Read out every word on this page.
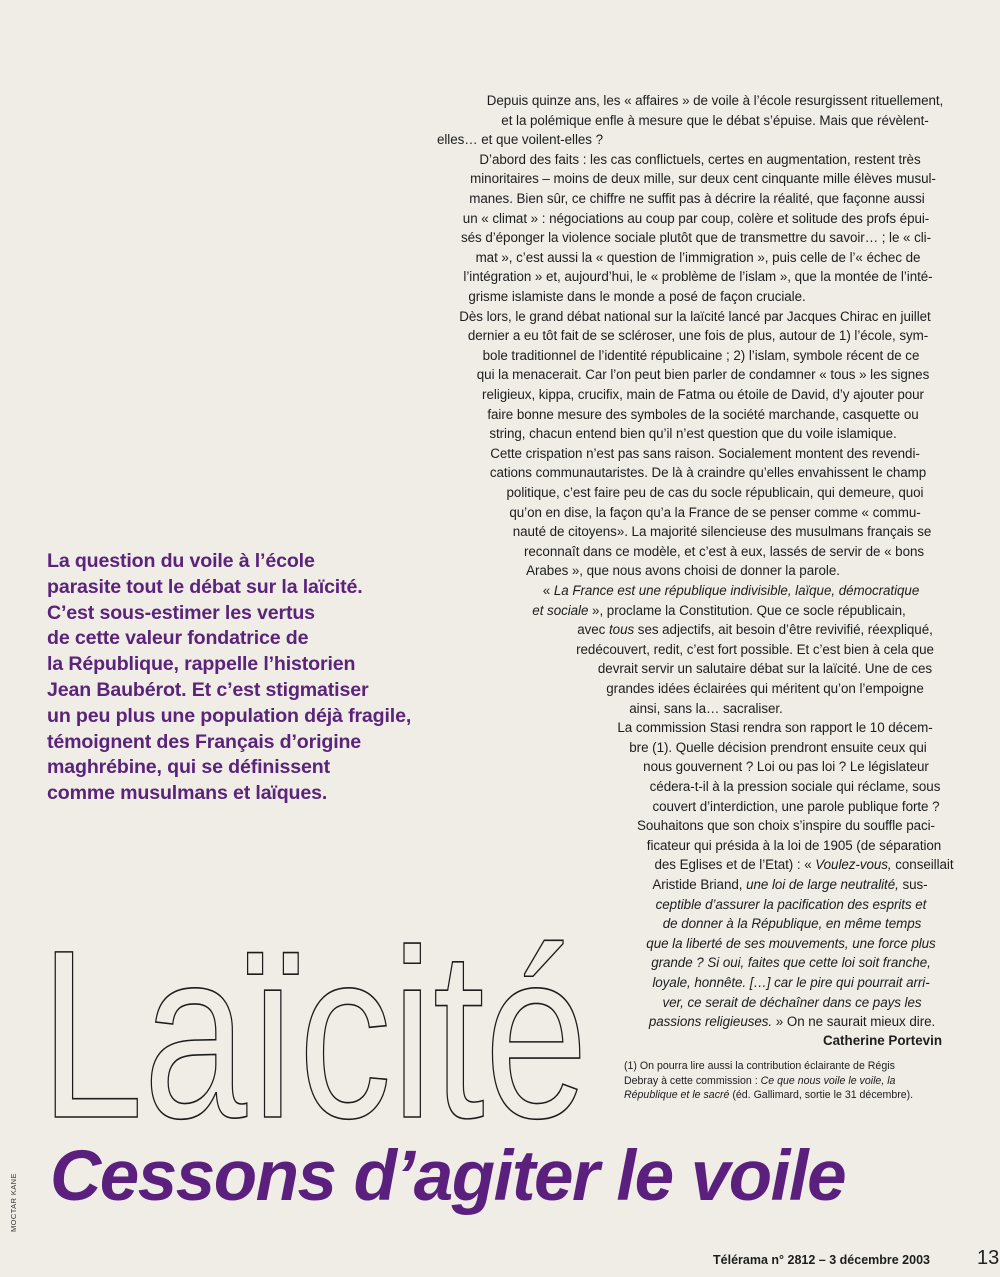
Depuis quinze ans, les « affaires » de voile à l’école resurgissent rituellement,
et la polémique enfle à mesure que le débat s’épuise. Mais que révèlent-
elles… et que voilent-elles ?
D’abord des faits : les cas conflictuels, certes en augmentation, restent très
minoritaires – moins de deux mille, sur deux cent cinquante mille élèves musul-
manes. Bien sûr, ce chiffre ne suffit pas à décrire la réalité, que façonne aussi
un « climat » : négociations au coup par coup, colère et solitude des profs épui-
sés d’éponger la violence sociale plutôt que de transmettre du savoir… ; le « cli-
mat », c’est aussi la « question de l’immigration », puis celle de l’« échec de
l’intégration » et, aujourd’hui, le « problème de l’islam », que la montée de l’inté-
grisme islamiste dans le monde a posé de façon cruciale.
Dès lors, le grand débat national sur la laïcité lancé par Jacques Chirac en juillet
dernier a eu tôt fait de se scléroser, une fois de plus, autour de 1) l’école, sym-
bole traditionnel de l’identité républicaine ; 2) l’islam, symbole récent de ce
qui la menacerait. Car l’on peut bien parler de condamner « tous » les signes
religieux, kippa, crucifix, main de Fatma ou étoile de David, d’y ajouter pour
faire bonne mesure des symboles de la société marchande, casquette ou
string, chacun entend bien qu’il n’est question que du voile islamique.
Cette crispation n’est pas sans raison. Socialement montent des revendi-
cations communautaristes. De là à craindre qu’elles envahissent le champ
politique, c’est faire peu de cas du socle républicain, qui demeure, quoi
qu’on en dise, la façon qu’a la France de se penser comme « commu-
nauté de citoyens». La majorité silencieuse des musulmans français se
reconnaît dans ce modèle, et c’est à eux, lassés de servir de « bons
Arabes », que nous avons choisi de donner la parole.
« La France est une république indivisible, laïque, démocratique
et sociale », proclame la Constitution. Que ce socle républicain,
avec tous ses adjectifs, ait besoin d’être revivifié, réexpliqué,
redécouvert, redit, c’est fort possible. Et c’est bien à cela que
devrait servir un salutaire débat sur la laïcité. Une de ces
grandes idées éclairées qui méritent qu’on l’empoigne
ainsi, sans la… sacraliser.
La commission Stasi rendra son rapport le 10 décem-
bre (1). Quelle décision prendront ensuite ceux qui
nous gouvernent ? Loi ou pas loi ? Le législateur
cédera-t-il à la pression sociale qui réclame, sous
couvert d’interdiction, une parole publique forte ?
Souhaitons que son choix s’inspire du souffle paci-
ficateur qui présida à la loi de 1905 (de séparation
des Eglises et de l’Etat) : « Voulez-vous, conseillait
Aristide Briand, une loi de large neutralité, sus-
ceptible d’assurer la pacification des esprits et
de donner à la République, en même temps
que la liberté de ses mouvements, une force plus
grande ? Si oui, faites que cette loi soit franche,
loyale, honnête. […] car le pire qui pourrait arri-
ver, ce serait de déchaîner dans ce pays les
passions religieuses. » On ne saurait mieux dire.
Catherine Portevin
(1) On pourra lire aussi la contribution éclairante de Régis
Debray à cette commission : Ce que nous voile le voile, la
République et le sacré (éd. Gallimard, sortie le 31 décembre).
La question du voile à l’école
parasite tout le débat sur la laïcité.
C’est sous-estimer les vertus
de cette valeur fondatrice de
la République, rappelle l’historien
Jean Baubérot. Et c’est stigmatiser
un peu plus une population déjà fragile,
témoignent des Français d’origine
maghrébine, qui se définissent
comme musulmans et laïques.
Laïcité
Cessons d’agiter le voile
MOCTAR KANE
Télérama n° 2812 – 3 décembre 2003 13
